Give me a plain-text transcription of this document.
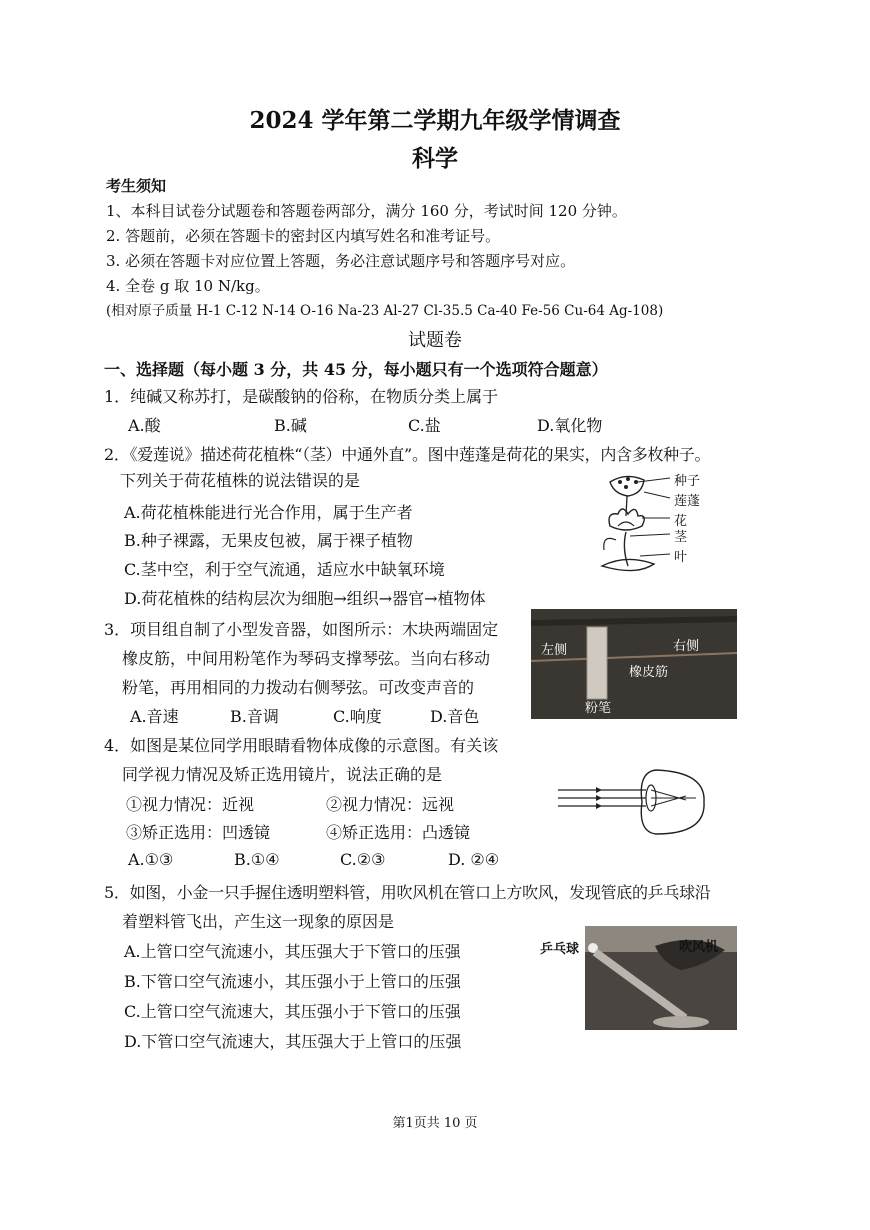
2024 学年第二学期九年级学情调查
科学
考生须知
1、本科目试卷分试题卷和答题卷两部分，满分 160 分，考试时间 120 分钟。
2. 答题前，必须在答题卡的密封区内填写姓名和准考证号。
3. 必须在答题卡对应位置上答题，务必注意试题序号和答题序号对应。
4. 全卷 g 取 10 N/kg。
(相对原子质量 H-1 C-12 N-14 O-16 Na-23 Al-27 Cl-35.5 Ca-40 Fe-56 Cu-64 Ag-108)
试题卷
一、选择题（每小题 3 分，共 45 分，每小题只有一个选项符合题意）
1．纯碱又称苏打，是碳酸钠的俗称，在物质分类上属于
A.酸	B.碱	C.盐	D.氧化物
2．《爱莲说》描述荷花植株“（茎）中通外直”。图中莲蓬是荷花的果实，内含多枚种子。
下列关于荷花植株的说法错误的是
A.荷花植株能进行光合作用，属于生产者
B.种子裸露，无果皮包被，属于裸子植物
C.茎中空，利于空气流通，适应水中缺氧环境
D.荷花植株的结构层次为细胞→组织→器官→植物体
种子
莲蓬
花
茎
叶
3．项目组自制了小型发音器，如图所示：木块两端固定
橡皮筋，中间用粉笔作为琴码支撑琴弦。当向右移动
粉笔，再用相同的力拨动右侧琴弦。可改变声音的
A.音速	B.音调	C.响度	D.音色
左侧	右侧
橡皮筋
粉笔
4．如图是某位同学用眼睛看物体成像的示意图。有关该
同学视力情况及矫正选用镜片，说法正确的是
①视力情况：近视	②视力情况：远视
③矫正选用：凹透镜	④矫正选用：凸透镜
A.①③	B.①④	C.②③	D. ②④
5．如图，小金一只手握住透明塑料管，用吹风机在管口上方吹风，发现管底的乒乓球沿
着塑料管飞出，产生这一现象的原因是
A.上管口空气流速小，其压强大于下管口的压强
B.下管口空气流速小，其压强小于上管口的压强
C.上管口空气流速大，其压强小于下管口的压强
D.下管口空气流速大，其压强大于上管口的压强
乒乓球	吹风机
第1页共 10 页
